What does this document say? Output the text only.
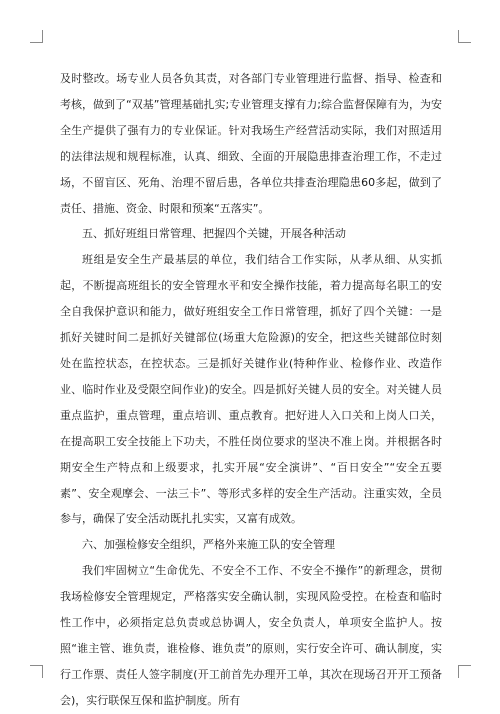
及时整改。场专业人员各负其责，对各部门专业管理进行监督、指导、检查和考核，做到了“双基”管理基础扎实;专业管理支撑有力;综合监督保障有为，为安全生产提供了强有力的专业保证。针对我场生产经营活动实际，我们对照适用的法律法规和规程标准，认真、细致、全面的开展隐患排查治理工作，不走过场，不留盲区、死角、治理不留后患，各单位共排查治理隐患60多起，做到了责任、措施、资金、时限和预案“五落实”。

五、抓好班组日常管理、把握四个关键，开展各种活动

班组是安全生产最基层的单位，我们结合工作实际，从孝从细、从实抓起，不断提高班组长的安全管理水平和安全操作技能，着力提高每名职工的安全自我保护意识和能力，做好班组安全工作日常管理，抓好了四个关键：一是抓好关键时间二是抓好关键部位(场重大危险源)的安全，把这些关键部位时刻处在监控状态，在控状态。三是抓好关键作业(特种作业、检修作业、改造作业、临时作业及受限空间作业)的安全。四是抓好关键人员的安全。对关键人员重点监护，重点管理，重点培训、重点教育。把好进人入口关和上岗人口关，在提高职工安全技能上下功夫，不胜任岗位要求的坚决不准上岗。并根据各时期安全生产特点和上级要求，扎实开展“安全演讲”、“百日安全”“安全五要素”、安全观摩会、一法三卡”、等形式多样的安全生产活动。注重实效，全员参与，确保了安全活动既扎扎实实，又富有成效。

六、加强检修安全组织，严格外来施工队的安全管理

我们牢固树立“生命优先、不安全不工作、不安全不操作”的新理念，贯彻我场检修安全管理规定，严格落实安全确认制，实现风险受控。在检查和临时性工作中，必须指定总负责或总协调人，安全负责人，单项安全监护人。按照“谁主管、谁负责，谁检修、谁负责”的原则，实行安全许可、确认制度，实行工作票、责任人签字制度(开工前首先办理开工单，其次在现场召开开工预备会)，实行联保互保和监护制度。所有
